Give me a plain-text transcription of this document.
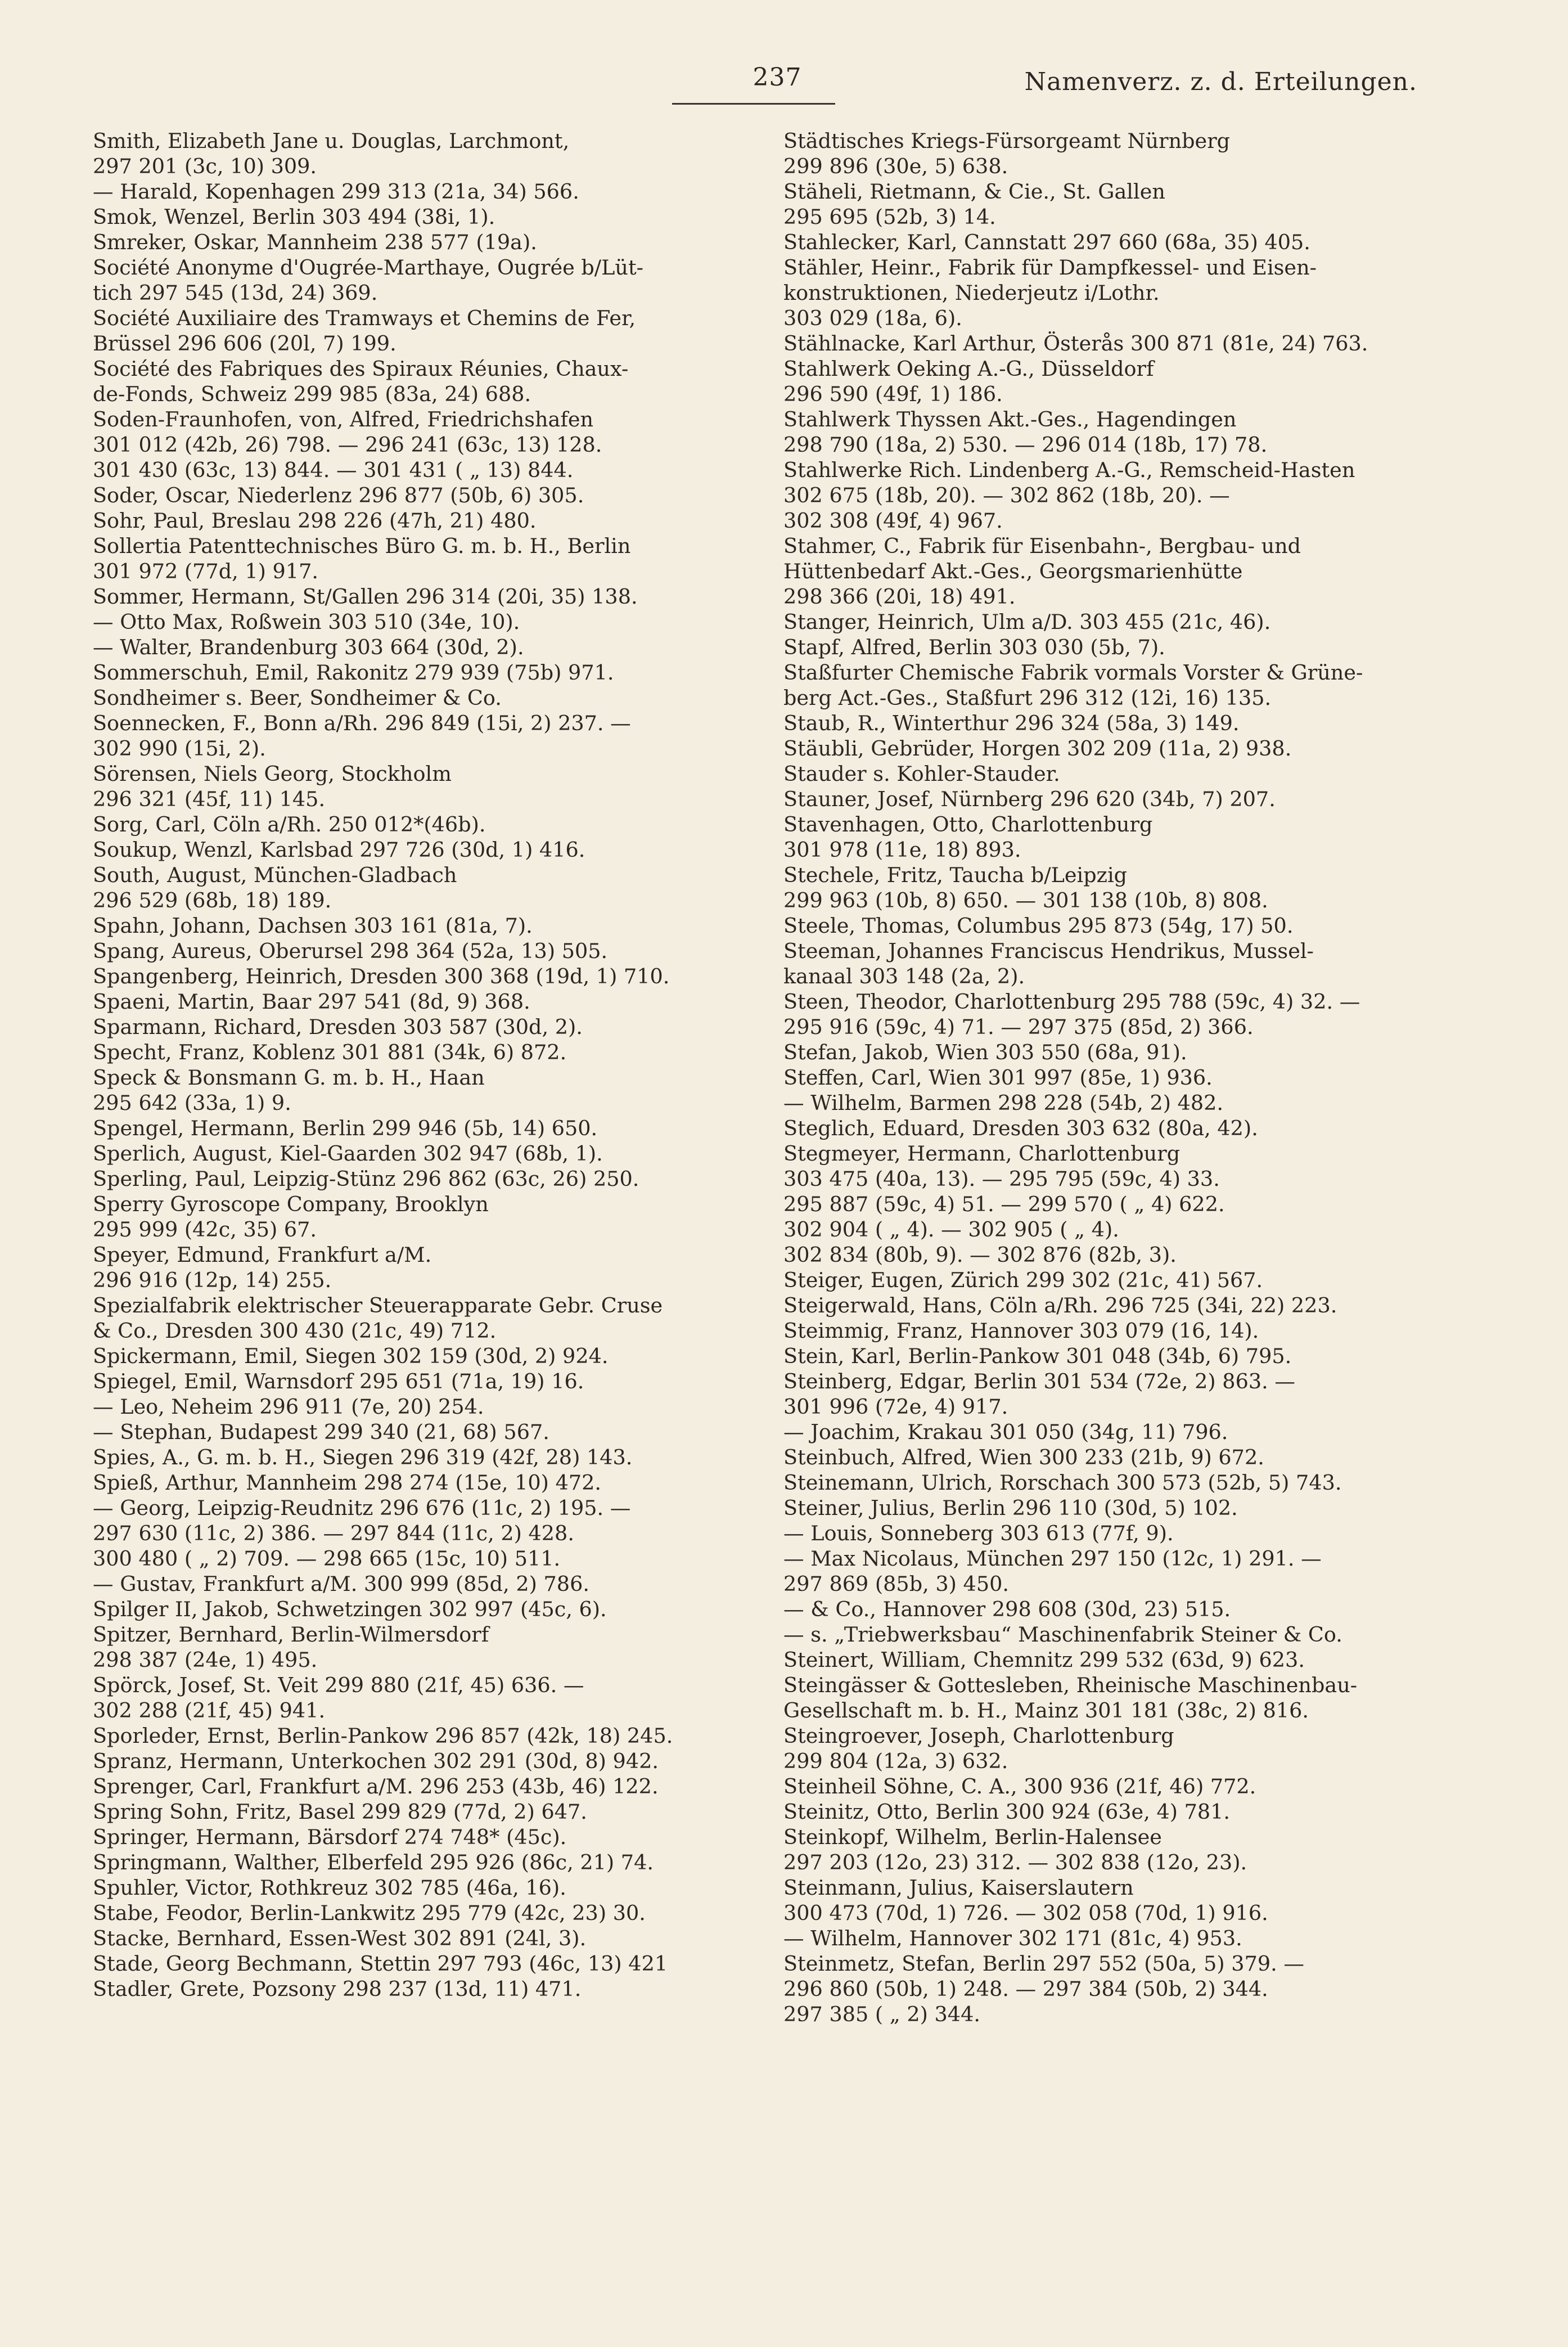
237	Namenverz. z. d. Erteilungen.
Smith, Elizabeth Jane u. Douglas, Larchmont,
297 201 (3c, 10) 309.
— Harald, Kopenhagen 299 313 (21a, 34) 566.
Smok, Wenzel, Berlin 303 494 (38i, 1).
Smreker, Oskar, Mannheim 238 577 (19a).
Société Anonyme d'Ougrée-Marthaye, Ougrée b/Lüt-
tich 297 545 (13d, 24) 369.
Société Auxiliaire des Tramways et Chemins de Fer,
Brüssel 296 606 (20l, 7) 199.
Société des Fabriques des Spiraux Réunies, Chaux-
de-Fonds, Schweiz 299 985 (83a, 24) 688.
Soden-Fraunhofen, von, Alfred, Friedrichshafen
301 012 (42b, 26) 798. — 296 241 (63c, 13) 128.
301 430 (63c, 13) 844. — 301 431 ( „ 13) 844.
Soder, Oscar, Niederlenz 296 877 (50b, 6) 305.
Sohr, Paul, Breslau 298 226 (47h, 21) 480.
Sollertia Patenttechnisches Büro G. m. b. H., Berlin
301 972 (77d, 1) 917.
Sommer, Hermann, St/Gallen 296 314 (20i, 35) 138.
— Otto Max, Roßwein 303 510 (34e, 10).
— Walter, Brandenburg 303 664 (30d, 2).
Sommerschuh, Emil, Rakonitz 279 939 (75b) 971.
Sondheimer s. Beer, Sondheimer & Co.
Soennecken, F., Bonn a/Rh. 296 849 (15i, 2) 237. —
302 990 (15i, 2).
Sörensen, Niels Georg, Stockholm
296 321 (45f, 11) 145.
Sorg, Carl, Cöln a/Rh. 250 012*(46b).
Soukup, Wenzl, Karlsbad 297 726 (30d, 1) 416.
South, August, München-Gladbach
296 529 (68b, 18) 189.
Spahn, Johann, Dachsen 303 161 (81a, 7).
Spang, Aureus, Oberursel 298 364 (52a, 13) 505.
Spangenberg, Heinrich, Dresden 300 368 (19d, 1) 710.
Spaeni, Martin, Baar 297 541 (8d, 9) 368.
Sparmann, Richard, Dresden 303 587 (30d, 2).
Specht, Franz, Koblenz 301 881 (34k, 6) 872.
Speck & Bonsmann G. m. b. H., Haan
295 642 (33a, 1) 9.
Spengel, Hermann, Berlin 299 946 (5b, 14) 650.
Sperlich, August, Kiel-Gaarden 302 947 (68b, 1).
Sperling, Paul, Leipzig-Stünz 296 862 (63c, 26) 250.
Sperry Gyroscope Company, Brooklyn
295 999 (42c, 35) 67.
Speyer, Edmund, Frankfurt a/M.
296 916 (12p, 14) 255.
Spezialfabrik elektrischer Steuerapparate Gebr. Cruse
& Co., Dresden 300 430 (21c, 49) 712.
Spickermann, Emil, Siegen 302 159 (30d, 2) 924.
Spiegel, Emil, Warnsdorf 295 651 (71a, 19) 16.
— Leo, Neheim 296 911 (7e, 20) 254.
— Stephan, Budapest 299 340 (21, 68) 567.
Spies, A., G. m. b. H., Siegen 296 319 (42f, 28) 143.
Spieß, Arthur, Mannheim 298 274 (15e, 10) 472.
— Georg, Leipzig-Reudnitz 296 676 (11c, 2) 195. —
297 630 (11c, 2) 386. — 297 844 (11c, 2) 428.
300 480 ( „ 2) 709. — 298 665 (15c, 10) 511.
— Gustav, Frankfurt a/M. 300 999 (85d, 2) 786.
Spilger II, Jakob, Schwetzingen 302 997 (45c, 6).
Spitzer, Bernhard, Berlin-Wilmersdorf
298 387 (24e, 1) 495.
Spörck, Josef, St. Veit 299 880 (21f, 45) 636. —
302 288 (21f, 45) 941.
Sporleder, Ernst, Berlin-Pankow 296 857 (42k, 18) 245.
Spranz, Hermann, Unterkochen 302 291 (30d, 8) 942.
Sprenger, Carl, Frankfurt a/M. 296 253 (43b, 46) 122.
Spring Sohn, Fritz, Basel 299 829 (77d, 2) 647.
Springer, Hermann, Bärsdorf 274 748* (45c).
Springmann, Walther, Elberfeld 295 926 (86c, 21) 74.
Spuhler, Victor, Rothkreuz 302 785 (46a, 16).
Stabe, Feodor, Berlin-Lankwitz 295 779 (42c, 23) 30.
Stacke, Bernhard, Essen-West 302 891 (24l, 3).
Stade, Georg Bechmann, Stettin 297 793 (46c, 13) 421
Stadler, Grete, Pozsony 298 237 (13d, 11) 471.
Städtisches Kriegs-Fürsorgeamt Nürnberg
299 896 (30e, 5) 638.
Stäheli, Rietmann, & Cie., St. Gallen
295 695 (52b, 3) 14.
Stahlecker, Karl, Cannstatt 297 660 (68a, 35) 405.
Stähler, Heinr., Fabrik für Dampfkessel- und Eisen-
konstruktionen, Niederjeutz i/Lothr.
303 029 (18a, 6).
Stählnacke, Karl Arthur, Österås 300 871 (81e, 24) 763.
Stahlwerk Oeking A.-G., Düsseldorf
296 590 (49f, 1) 186.
Stahlwerk Thyssen Akt.-Ges., Hagendingen
298 790 (18a, 2) 530. — 296 014 (18b, 17) 78.
Stahlwerke Rich. Lindenberg A.-G., Remscheid-Hasten
302 675 (18b, 20). — 302 862 (18b, 20). —
302 308 (49f, 4) 967.
Stahmer, C., Fabrik für Eisenbahn-, Bergbau- und
Hüttenbedarf Akt.-Ges., Georgsmarienhütte
298 366 (20i, 18) 491.
Stanger, Heinrich, Ulm a/D. 303 455 (21c, 46).
Stapf, Alfred, Berlin 303 030 (5b, 7).
Staßfurter Chemische Fabrik vormals Vorster & Grüne-
berg Act.-Ges., Staßfurt 296 312 (12i, 16) 135.
Staub, R., Winterthur 296 324 (58a, 3) 149.
Stäubli, Gebrüder, Horgen 302 209 (11a, 2) 938.
Stauder s. Kohler-Stauder.
Stauner, Josef, Nürnberg 296 620 (34b, 7) 207.
Stavenhagen, Otto, Charlottenburg
301 978 (11e, 18) 893.
Stechele, Fritz, Taucha b/Leipzig
299 963 (10b, 8) 650. — 301 138 (10b, 8) 808.
Steele, Thomas, Columbus 295 873 (54g, 17) 50.
Steeman, Johannes Franciscus Hendrikus, Mussel-
kanaal 303 148 (2a, 2).
Steen, Theodor, Charlottenburg 295 788 (59c, 4) 32. —
295 916 (59c, 4) 71. — 297 375 (85d, 2) 366.
Stefan, Jakob, Wien 303 550 (68a, 91).
Steffen, Carl, Wien 301 997 (85e, 1) 936.
— Wilhelm, Barmen 298 228 (54b, 2) 482.
Steglich, Eduard, Dresden 303 632 (80a, 42).
Stegmeyer, Hermann, Charlottenburg
303 475 (40a, 13). — 295 795 (59c, 4) 33.
295 887 (59c, 4) 51. — 299 570 ( „ 4) 622.
302 904 ( „ 4). — 302 905 ( „ 4).
302 834 (80b, 9). — 302 876 (82b, 3).
Steiger, Eugen, Zürich 299 302 (21c, 41) 567.
Steigerwald, Hans, Cöln a/Rh. 296 725 (34i, 22) 223.
Steimmig, Franz, Hannover 303 079 (16, 14).
Stein, Karl, Berlin-Pankow 301 048 (34b, 6) 795.
Steinberg, Edgar, Berlin 301 534 (72e, 2) 863. —
301 996 (72e, 4) 917.
— Joachim, Krakau 301 050 (34g, 11) 796.
Steinbuch, Alfred, Wien 300 233 (21b, 9) 672.
Steinemann, Ulrich, Rorschach 300 573 (52b, 5) 743.
Steiner, Julius, Berlin 296 110 (30d, 5) 102.
— Louis, Sonneberg 303 613 (77f, 9).
— Max Nicolaus, München 297 150 (12c, 1) 291. —
297 869 (85b, 3) 450.
— & Co., Hannover 298 608 (30d, 23) 515.
— s. „Triebwerksbau“ Maschinenfabrik Steiner & Co.
Steinert, William, Chemnitz 299 532 (63d, 9) 623.
Steingässer & Gottesleben, Rheinische Maschinenbau-
Gesellschaft m. b. H., Mainz 301 181 (38c, 2) 816.
Steingroever, Joseph, Charlottenburg
299 804 (12a, 3) 632.
Steinheil Söhne, C. A., 300 936 (21f, 46) 772.
Steinitz, Otto, Berlin 300 924 (63e, 4) 781.
Steinkopf, Wilhelm, Berlin-Halensee
297 203 (12o, 23) 312. — 302 838 (12o, 23).
Steinmann, Julius, Kaiserslautern
300 473 (70d, 1) 726. — 302 058 (70d, 1) 916.
— Wilhelm, Hannover 302 171 (81c, 4) 953.
Steinmetz, Stefan, Berlin 297 552 (50a, 5) 379. —
296 860 (50b, 1) 248. — 297 384 (50b, 2) 344.
297 385 ( „ 2) 344.
